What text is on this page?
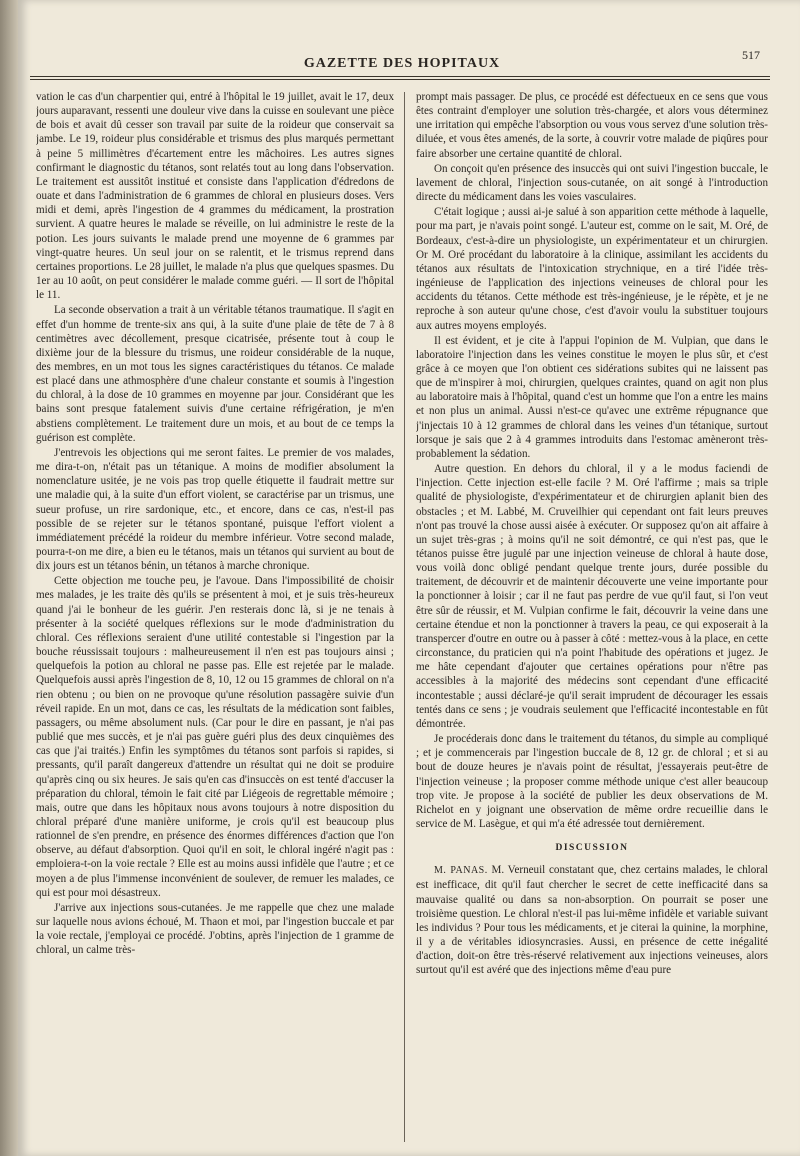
GAZETTE DES HOPITAUX
517

vation le cas d'un charpentier qui, entré à l'hôpital le 19 juillet, avait le 17, deux jours auparavant, ressenti une douleur vive dans la cuisse en soulevant une pièce de bois et avait dû cesser son travail par suite de la roideur que conservait sa jambe. Le 19, roideur plus considérable et trismus des plus marqués permettant à peine 5 millimètres d'écartement entre les mâchoires. Les autres signes confirmant le diagnostic du tétanos, sont relatés tout au long dans l'observation. Le traitement est aussitôt institué et consiste dans l'application d'édredons de ouate et dans l'administration de 6 grammes de chloral en plusieurs doses. Vers midi et demi, après l'ingestion de 4 grammes du médicament, la prostration survient. A quatre heures le malade se réveille, on lui administre le reste de la potion. Les jours suivants le malade prend une moyenne de 6 grammes par vingt-quatre heures. Un seul jour on se ralentit, et le trismus reprend dans certaines proportions. Le 28 juillet, le malade n'a plus que quelques spasmes. Du 1er au 10 août, on peut considérer le malade comme guéri. — Il sort de l'hôpital le 11.

La seconde observation a trait à un véritable tétanos traumatique. Il s'agit en effet d'un homme de trente-six ans qui, à la suite d'une plaie de tête de 7 à 8 centimètres avec décollement, presque cicatrisée, présente tout à coup le dixième jour de la blessure du trismus, une roideur considérable de la nuque, des membres, en un mot tous les signes caractéristiques du tétanos. Ce malade est placé dans une athmosphère d'une chaleur constante et soumis à l'ingestion du chloral, à la dose de 10 grammes en moyenne par jour. Considérant que les bains sont presque fatalement suivis d'une certaine réfrigération, je m'en abstiens complètement. Le traitement dure un mois, et au bout de ce temps la guérison est complète.

J'entrevois les objections qui me seront faites. Le premier de vos malades, me dira-t-on, n'était pas un tétanique. A moins de modifier absolument la nomenclature usitée, je ne vois pas trop quelle étiquette il faudrait mettre sur une maladie qui, à la suite d'un effort violent, se caractérise par un trismus, une sueur profuse, un rire sardonique, etc., et encore, dans ce cas, n'est-il pas possible de se rejeter sur le tétanos spontané, puisque l'effort violent a immédiatement précédé la roideur du membre inférieur. Votre second malade, pourra-t-on me dire, a bien eu le tétanos, mais un tétanos qui survient au bout de dix jours est un tétanos bénin, un tétanos à marche chronique.

Cette objection me touche peu, je l'avoue. Dans l'impossibilité de choisir mes malades, je les traite dès qu'ils se présentent à moi, et je suis très-heureux quand j'ai le bonheur de les guérir. J'en resterais donc là, si je ne tenais à présenter à la société quelques réflexions sur le mode d'administration du chloral. Ces réflexions seraient d'une utilité contestable si l'ingestion par la bouche réussissait toujours : malheureusement il n'en est pas toujours ainsi ; quelquefois la potion au chloral ne passe pas. Elle est rejetée par le malade. Quelquefois aussi après l'ingestion de 8, 10, 12 ou 15 grammes de chloral on n'a rien obtenu ; ou bien on ne provoque qu'une résolution passagère suivie d'un réveil rapide. En un mot, dans ce cas, les résultats de la médication sont faibles, passagers, ou même absolument nuls. (Car pour le dire en passant, je n'ai pas publié que mes succès, et je n'ai pas guère guéri plus des deux cinquièmes des cas que j'ai traités.) Enfin les symptômes du tétanos sont parfois si rapides, si pressants, qu'il paraît dangereux d'attendre un résultat qui ne doit se produire qu'après cinq ou six heures. Je sais qu'en cas d'insuccès on est tenté d'accuser la préparation du chloral, témoin le fait cité par Liégeois de regrettable mémoire ; mais, outre que dans les hôpitaux nous avons toujours à notre disposition du chloral préparé d'une manière uniforme, je crois qu'il est beaucoup plus rationnel de s'en prendre, en présence des énormes différences d'action que l'on observe, au défaut d'absorption. Quoi qu'il en soit, le chloral ingéré n'agit pas : emploiera-t-on la voie rectale ? Elle est au moins aussi infidèle que l'autre ; et ce moyen a de plus l'immense inconvénient de soulever, de remuer les malades, ce qui est pour moi désastreux.

J'arrive aux injections sous-cutanées. Je me rappelle que chez une malade sur laquelle nous avions échoué, M. Thaon et moi, par l'ingestion buccale et par la voie rectale, j'employai ce procédé. J'obtins, après l'injection de 1 gramme de chloral, un calme très-

prompt mais passager. De plus, ce procédé est défectueux en ce sens que vous êtes contraint d'employer une solution très-chargée, et alors vous déterminez une irritation qui empêche l'absorption ou vous vous servez d'une solution très-diluée, et vous êtes amenés, de la sorte, à couvrir votre malade de piqûres pour faire absorber une certaine quantité de chloral.

On conçoit qu'en présence des insuccès qui ont suivi l'ingestion buccale, le lavement de chloral, l'injection sous-cutanée, on ait songé à l'introduction directe du médicament dans les voies vasculaires.

C'était logique ; aussi ai-je salué à son apparition cette méthode à laquelle, pour ma part, je n'avais point songé. L'auteur est, comme on le sait, M. Oré, de Bordeaux, c'est-à-dire un physiologiste, un expérimentateur et un chirurgien. Or M. Oré procédant du laboratoire à la clinique, assimilant les accidents du tétanos aux résultats de l'intoxication strychnique, en a tiré l'idée très-ingénieuse de l'application des injections veineuses de chloral pour les accidents du tétanos. Cette méthode est très-ingénieuse, je le répète, et je ne reproche à son auteur qu'une chose, c'est d'avoir voulu la substituer toujours aux autres moyens employés.

Il est évident, et je cite à l'appui l'opinion de M. Vulpian, que dans le laboratoire l'injection dans les veines constitue le moyen le plus sûr, et c'est grâce à ce moyen que l'on obtient ces sidérations subites qui ne laissent pas que de m'inspirer à moi, chirurgien, quelques craintes, quand on agit non plus au laboratoire mais à l'hôpital, quand c'est un homme que l'on a entre les mains et non plus un animal. Aussi n'est-ce qu'avec une extrême répugnance que j'injectais 10 à 12 grammes de chloral dans les veines d'un tétanique, surtout lorsque je sais que 2 à 4 grammes introduits dans l'estomac amèneront très-probablement la sédation.

Autre question. En dehors du chloral, il y a le modus faciendi de l'injection. Cette injection est-elle facile ? M. Oré l'affirme ; mais sa triple qualité de physiologiste, d'expérimentateur et de chirurgien aplanit bien des obstacles ; et M. Labbé, M. Cruveilhier qui cependant ont fait leurs preuves n'ont pas trouvé la chose aussi aisée à exécuter. Or supposez qu'on ait affaire à un sujet très-gras ; à moins qu'il ne soit démontré, ce qui n'est pas, que le tétanos puisse être jugulé par une injection veineuse de chloral à haute dose, vous voilà donc obligé pendant quelque trente jours, durée possible du traitement, de découvrir et de maintenir découverte une veine importante pour la ponctionner à loisir ; car il ne faut pas perdre de vue qu'il faut, si l'on veut être sûr de réussir, et M. Vulpian confirme le fait, découvrir la veine dans une certaine étendue et non la ponctionner à travers la peau, ce qui exposerait à la transpercer d'outre en outre ou à passer à côté : mettez-vous à la place, en cette circonstance, du praticien qui n'a point l'habitude des opérations et jugez. Je me hâte cependant d'ajouter que certaines opérations pour n'être pas accessibles à la majorité des médecins sont cependant d'une efficacité incontestable ; aussi déclaré-je qu'il serait imprudent de décourager les essais tentés dans ce sens ; je voudrais seulement que l'efficacité incontestable en fût démontrée.

Je procéderais donc dans le traitement du tétanos, du simple au compliqué ; et je commencerais par l'ingestion buccale de 8, 12 gr. de chloral ; et si au bout de douze heures je n'avais point de résultat, j'essayerais peut-être de l'injection veineuse ; la proposer comme méthode unique c'est aller beaucoup trop vite. Je propose à la société de publier les deux observations de M. Richelot en y joignant une observation de même ordre recueillie dans le service de M. Lasègue, et qui m'a été adressée tout dernièrement.

DISCUSSION

M. PANAS. M. Verneuil constatant que, chez certains malades, le chloral est inefficace, dit qu'il faut chercher le secret de cette inefficacité dans sa mauvaise qualité ou dans sa non-absorption. On pourrait se poser une troisième question. Le chloral n'est-il pas lui-même infidèle et variable suivant les individus ? Pour tous les médicaments, et je citerai la quinine, la morphine, il y a de véritables idiosyncrasies. Aussi, en présence de cette inégalité d'action, doit-on être très-réservé relativement aux injections veineuses, alors surtout qu'il est avéré que des injections même d'eau pure
